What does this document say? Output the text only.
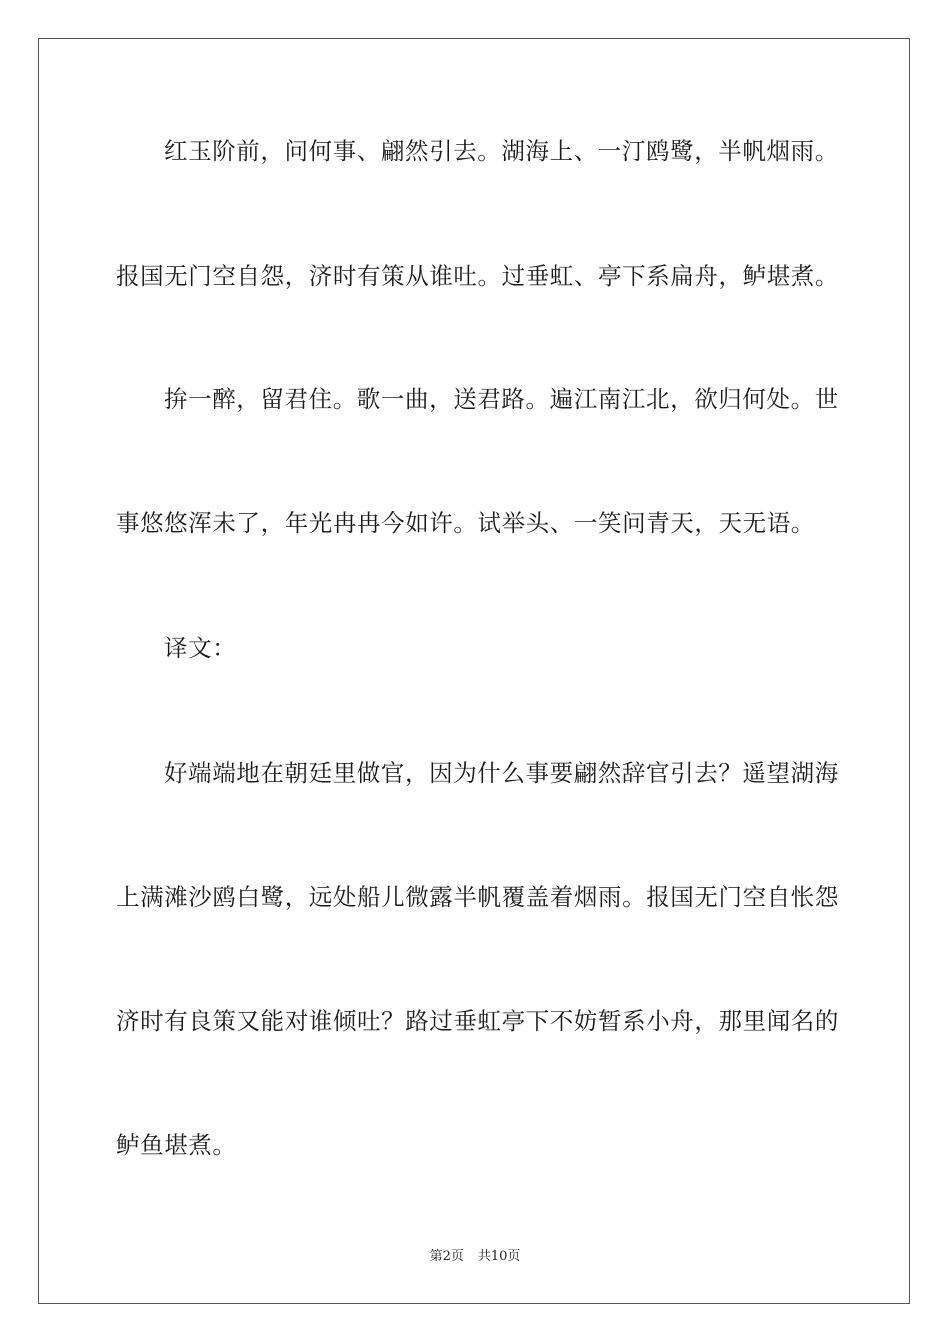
红玉阶前，问何事、翩然引去。湖海上、一汀鸥鹭，半帆烟雨。
报国无门空自怨，济时有策从谁吐。过垂虹、亭下系扁舟，鲈堪煮。
拚一醉，留君住。歌一曲，送君路。遍江南江北，欲归何处。世
事悠悠浑未了，年光冉冉今如许。试举头、一笑问青天，天无语。
译文：
好端端地在朝廷里做官，因为什么事要翩然辞官引去？遥望湖海
上满滩沙鸥白鹭，远处船儿微露半帆覆盖着烟雨。报国无门空自怅怨
济时有良策又能对谁倾吐？路过垂虹亭下不妨暂系小舟，那里闻名的
鲈鱼堪煮。
第2页 共10页
